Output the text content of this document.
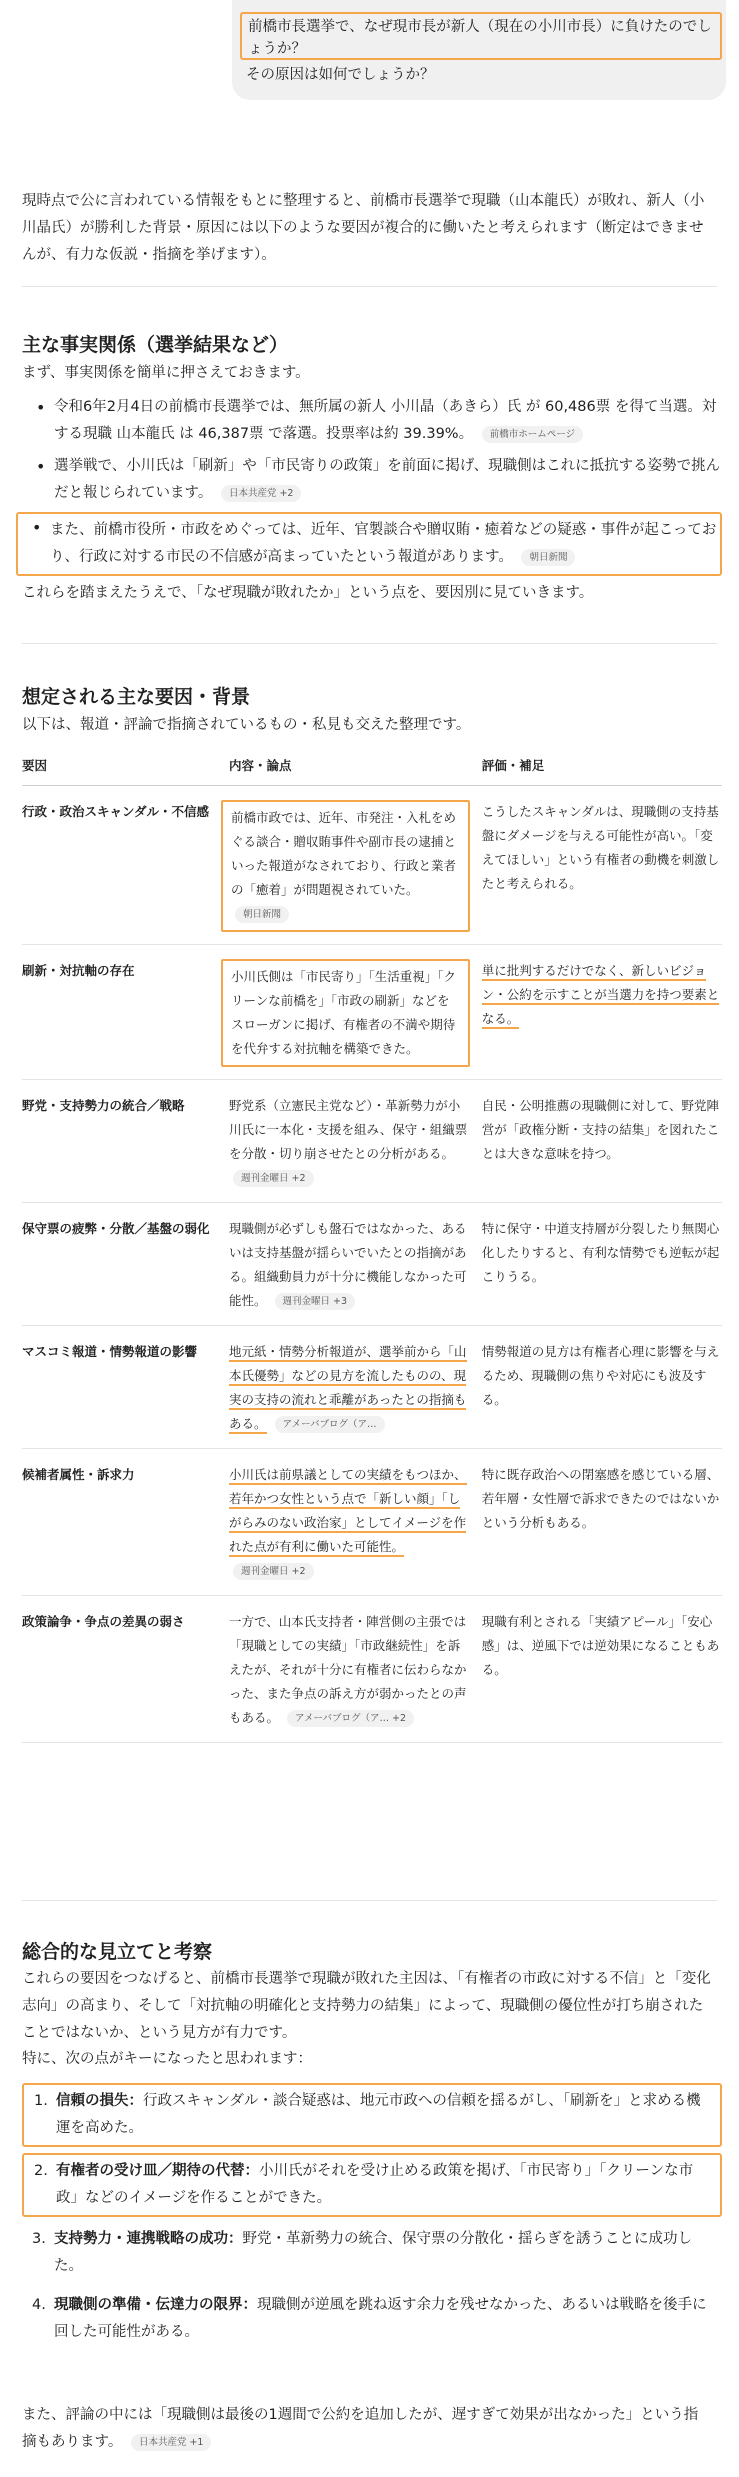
前橋市長選挙で、なぜ現市長が新人（現在の小川市長）に負けたのでしょうか？
その原因は如何でしょうか？
現時点で公に言われている情報をもとに整理すると、前橋市長選挙で現職（山本龍氏）が敗れ、新人（小川晶氏）が勝利した背景・原因には以下のような要因が複合的に働いたと考えられます（断定はできませんが、有力な仮説・指摘を挙げます）。
主な事実関係（選挙結果など）
まず、事実関係を簡単に押さえておきます。
• 令和6年2月4日の前橋市長選挙では、無所属の新人 小川晶（あきら）氏 が 60,486票 を得て当選。対する現職 山本龍氏 は 46,387票 で落選。投票率は約 39.39%。 前橋市ホームページ
• 選挙戦で、小川氏は「刷新」や「市民寄りの政策」を前面に掲げ、現職側はこれに抵抗する姿勢で挑んだと報じられています。 日本共産党 +2
• また、前橋市役所・市政をめぐっては、近年、官製談合や贈収賄・癒着などの疑惑・事件が起こっており、行政に対する市民の不信感が高まっていたという報道があります。 朝日新聞
これらを踏まえたうえで、「なぜ現職が敗れたか」という点を、要因別に見ていきます。
想定される主な要因・背景
以下は、報道・評論で指摘されているもの・私見も交えた整理です。
要因	内容・論点	評価・補足
行政・政治スキャンダル・不信感	前橋市政では、近年、市発注・入札をめぐる談合・贈収賄事件や副市長の逮捕といった報道がなされており、行政と業者の「癒着」が問題視されていた。 朝日新聞	こうしたスキャンダルは、現職側の支持基盤にダメージを与える可能性が高い。「変えてほしい」という有権者の動機を刺激したと考えられる。
刷新・対抗軸の存在	小川氏側は「市民寄り」「生活重視」「クリーンな前橋を」「市政の刷新」などをスローガンに掲げ、有権者の不満や期待を代弁する対抗軸を構築できた。	単に批判するだけでなく、新しいビジョン・公約を示すことが当選力を持つ要素となる。
野党・支持勢力の統合／戦略	野党系（立憲民主党など）・革新勢力が小川氏に一本化・支援を組み、保守・組織票を分散・切り崩させたとの分析がある。 週刊金曜日 +2	自民・公明推薦の現職側に対して、野党陣営が「政権分断・支持の結集」を図れたことは大きな意味を持つ。
保守票の疲弊・分散／基盤の弱化	現職側が必ずしも盤石ではなかった、あるいは支持基盤が揺らいでいたとの指摘がある。組織動員力が十分に機能しなかった可能性。 週刊金曜日 +3	特に保守・中道支持層が分裂したり無関心化したりすると、有利な情勢でも逆転が起こりうる。
マスコミ報道・情勢報道の影響	地元紙・情勢分析報道が、選挙前から「山本氏優勢」などの見方を流したものの、現実の支持の流れと乖離があったとの指摘もある。 アメーバブログ（ア…	情勢報道の見方は有権者心理に影響を与えるため、現職側の焦りや対応にも波及する。
候補者属性・訴求力	小川氏は前県議としての実績をもつほか、若年かつ女性という点で「新しい顔」「しがらみのない政治家」としてイメージを作れた点が有利に働いた可能性。 週刊金曜日 +2	特に既存政治への閉塞感を感じている層、若年層・女性層で訴求できたのではないかという分析もある。
政策論争・争点の差異の弱さ	一方で、山本氏支持者・陣営側の主張では「現職としての実績」「市政継続性」を訴えたが、それが十分に有権者に伝わらなかった、また争点の訴え方が弱かったとの声もある。 アメーバブログ（ア… +2	現職有利とされる「実績アピール」「安心感」は、逆風下では逆効果になることもある。
総合的な見立てと考察
これらの要因をつなげると、前橋市長選挙で現職が敗れた主因は、「有権者の市政に対する不信」と「変化志向」の高まり、そして「対抗軸の明確化と支持勢力の結集」によって、現職側の優位性が打ち崩されたことではないか、という見方が有力です。
特に、次の点がキーになったと思われます：
1. 信頼の損失：行政スキャンダル・談合疑惑は、地元市政への信頼を揺るがし、「刷新を」と求める機運を高めた。
2. 有権者の受け皿／期待の代替：小川氏がそれを受け止める政策を掲げ、「市民寄り」「クリーンな市政」などのイメージを作ることができた。
3. 支持勢力・連携戦略の成功：野党・革新勢力の統合、保守票の分散化・揺らぎを誘うことに成功した。
4. 現職側の準備・伝達力の限界：現職側が逆風を跳ね返す余力を残せなかった、あるいは戦略を後手に回した可能性がある。
また、評論の中には「現職側は最後の1週間で公約を追加したが、遅すぎて効果が出なかった」という指摘もあります。 日本共産党 +1
